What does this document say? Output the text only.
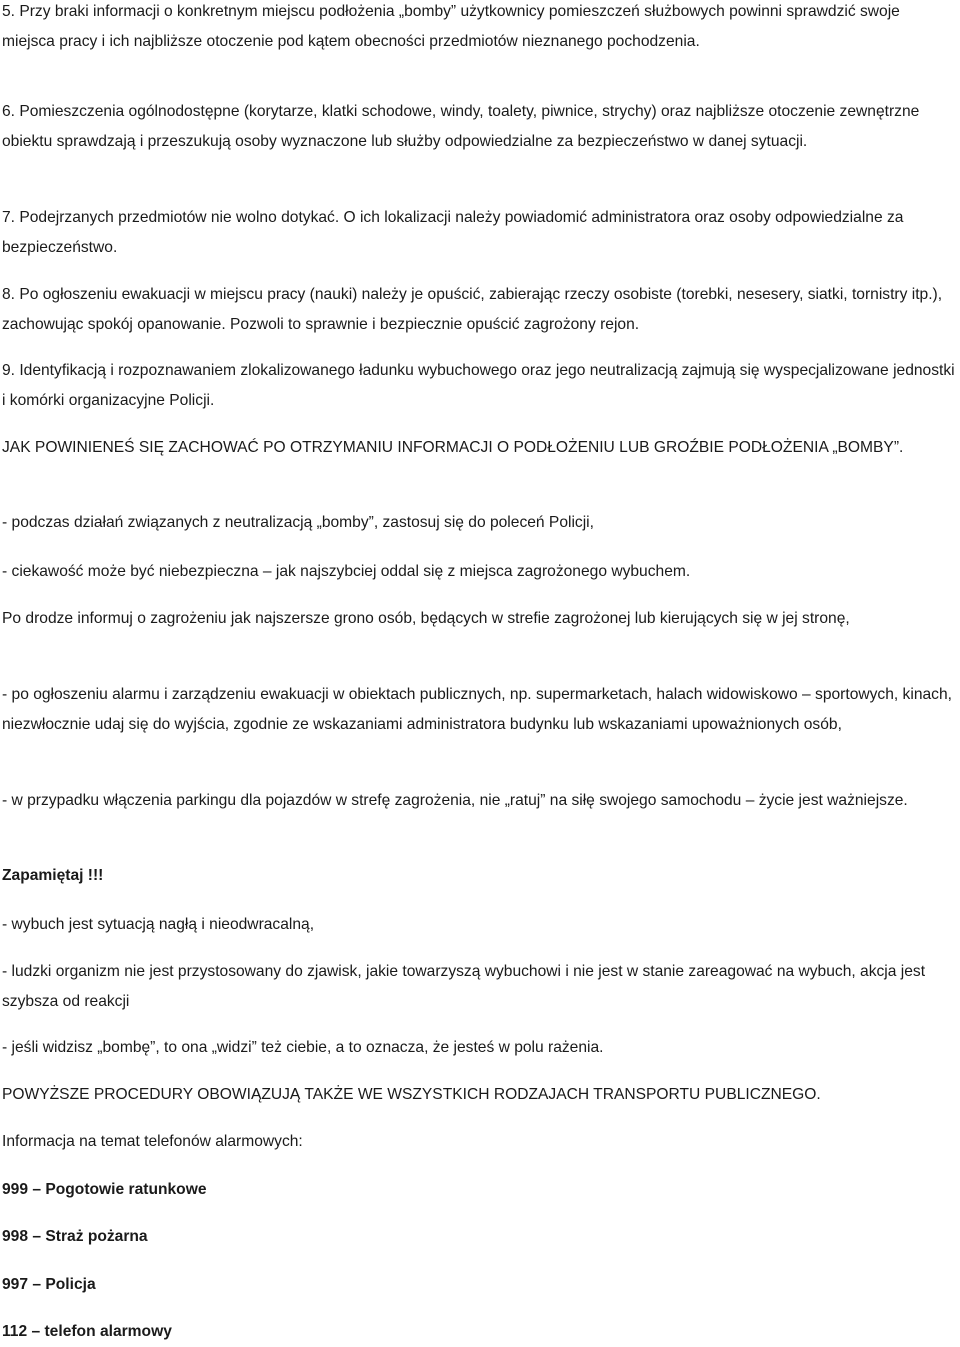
5. Przy braki informacji o konkretnym miejscu podłożenia „bomby” użytkownicy pomieszczeń służbowych powinni sprawdzić swoje miejsca pracy i ich najbliższe otoczenie pod kątem obecności przedmiotów nieznanego pochodzenia.

6. Pomieszczenia ogólnodostępne (korytarze, klatki schodowe, windy, toalety, piwnice, strychy) oraz najbliższe otoczenie zewnętrzne obiektu sprawdzają i przeszukują osoby wyznaczone lub służby odpowiedzialne za bezpieczeństwo w danej sytuacji.

7. Podejrzanych przedmiotów nie wolno dotykać. O ich lokalizacji należy powiadomić administratora oraz osoby odpowiedzialne za bezpieczeństwo.

8. Po ogłoszeniu ewakuacji w miejscu pracy (nauki) należy je opuścić, zabierając rzeczy osobiste (torebki, nesesery, siatki, tornistry itp.), zachowując spokój opanowanie. Pozwoli to sprawnie i bezpiecznie opuścić zagrożony rejon.

9. Identyfikacją i rozpoznawaniem zlokalizowanego ładunku wybuchowego oraz jego neutralizacją zajmują się wyspecjalizowane jednostki i komórki organizacyjne Policji.

JAK POWINIENEŚ SIĘ ZACHOWAĆ PO OTRZYMANIU INFORMACJI O PODŁOŻENIU LUB GROŹBIE PODŁOŻENIA „BOMBY”.

- podczas działań związanych z neutralizacją „bomby”, zastosuj się do poleceń Policji,

- ciekawość może być niebezpieczna – jak najszybciej oddal się z miejsca zagrożonego wybuchem.

Po drodze informuj o zagrożeniu jak najszersze grono osób, będących w strefie zagrożonej lub kierujących się w jej stronę,

- po ogłoszeniu alarmu i zarządzeniu ewakuacji w obiektach publicznych, np. supermarketach, halach widowiskowo – sportowych, kinach, niezwłocznie udaj się do wyjścia, zgodnie ze wskazaniami administratora budynku lub wskazaniami upoważnionych osób,

- w przypadku włączenia parkingu dla pojazdów w strefę zagrożenia, nie „ratuj” na siłę swojego samochodu – życie jest ważniejsze.

Zapamiętaj !!!

- wybuch jest sytuacją nagłą i nieodwracalną,

- ludzki organizm nie jest przystosowany do zjawisk, jakie towarzyszą wybuchowi i nie jest w stanie zareagować na wybuch, akcja jest szybsza od reakcji

- jeśli widzisz „bombę”, to ona „widzi” też ciebie, a to oznacza, że jesteś w polu rażenia.

POWYŻSZE PROCEDURY OBOWIĄZUJĄ TAKŻE WE WSZYSTKICH RODZAJACH TRANSPORTU PUBLICZNEGO.

Informacja na temat telefonów alarmowych:

999 – Pogotowie ratunkowe

998 – Straż pożarna

997 – Policja

112 – telefon alarmowy
